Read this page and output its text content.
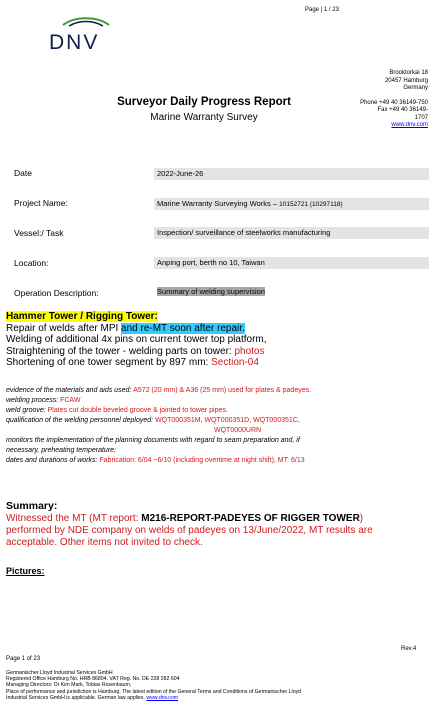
Page | 1 / 23
DNV
Brooktorkai 18
20457 Hamburg
Germany
Phone +49 40 36149-750
Fax +49 40 36149-
1707
www.dnv.com
Surveyor Daily Progress Report
Marine Warranty Survey
Date	2022-June-26
Project Name:	Marine Warranty Surveying Works – 10152721 (10297118)
Vessel:/ Task	Inspection/ surveillance of steelworks manufacturing
Location:	Anping port, berth no 10, Taiwan
Operation Description:	Summary of welding supervision
Hammer Tower / Rigging Tower:
Repair of welds after MPI and re-MT soon after repair.
Welding of additional 4x pins on current tower top platform,
Straightening of the tower - welding parts on tower: photos
Shortening of one tower segment by 897 mm: Section-04
evidence of the materials and aids used: A572 (20 mm) & A36 (25 mm) used for plates & padeyes.
welding process: FCAW
weld groove: Plates cut double beveled groove & jointed to tower pipes.
qualification of the welding personnel deployed: WQT000351M, WQT000351D, WQT000351C,
WQT0000URN
monitors the implementation of the planning documents with regard to seam preparation and, if
necessary, preheating temperature:
dates and durations of works: Fabrication: 6/04 ~6/10 (including overtime at night shift), MT: 6/13
Summary:
Witnessed the MT (MT report: M216-REPORT-PADEYES OF RIGGER TOWER)
performed by NDE company on welds of padeyes on 13/June/2022, MT results are
acceptable. Other items not invited to check.
Pictures:
Rev.4
Page 1 of 23
Germanischer Lloyd Industrial Services GmbH
Registered Office Hamburg No. HRB 86804. VAT Reg. No. DE 228 282 604
Managing Directors: Dr Kim Mark, Tobias Rosenbaum.
Place of performance and jurisdiction is Hamburg. The latest edition of the General Terms and Conditions of Germanischer Lloyd
Industrial Services GmbH is applicable. German law applies. www.dnv.com
